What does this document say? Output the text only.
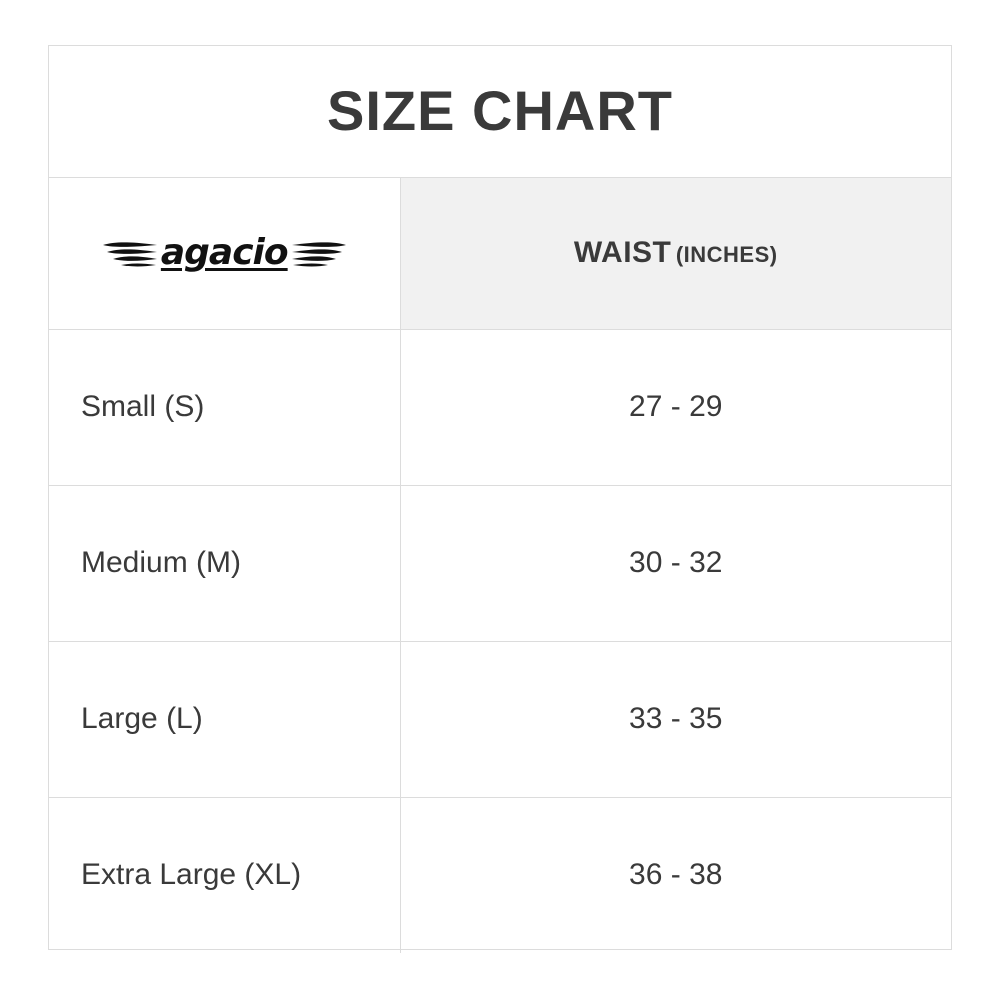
SIZE CHART	

agacio	WAIST (INCHES)
Small (S)	27 - 29
Medium (M)	30 - 32
Large (L)	33 - 35
Extra Large (XL)	36 - 38
